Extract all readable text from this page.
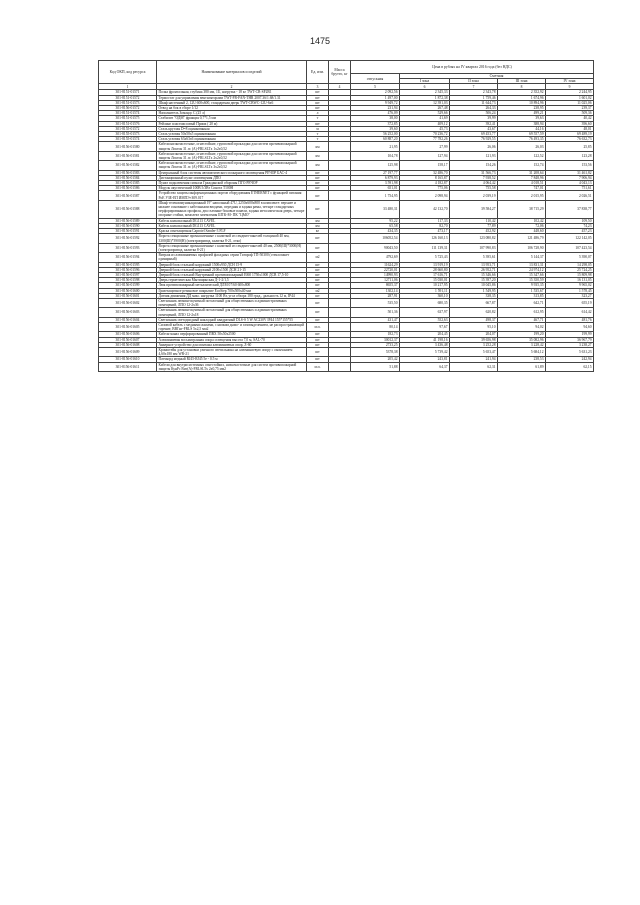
1475
Код ОКП, код ресурса	Наименование материалов и изделий	Ед. изм.	Масса брутто, кг	Цена в рублях на IV квартал 2016 года (без НДС)				
				отпускная	Сметная			
					I зона	II зона	III зона	IV зона
1	2	3	4	5	6	7	8	9
301-8151-01571	Полка фронтальная, глубина 380 мм, 1U, нагрузка - 18 кг TWT-CB-SF2B1	шт		2 092,56	2 345,33	2 343,78	2 352,92	2 244,95
301-8151-01572	Термостат для управления вентиляторами TWT-FB-FAN-THR 2007.36/1.68/1.31	шт		1 497,00	1 872,38	1 759,46	1 674,96	1 601,02
301-8151-01573	Шкаф настенный 2, 12U 600х600, стандартная дверь TWT-CBWC-12U-6x6	шт		9 949,72	12 391,03	11 644,73	10 894,96	11 025,06
301-8156-01572	Отвод на бок в сборе 1/12	шт		231,94	267,48	264,33	238,95	239,37
301-8151-01574	Наполнитель Зомандс С (25 л)	л		476,09	529,66	506,24	499,21	509,36
301-8151-01575	Стабилит "ОДМ" фракция 0,7*1,5 мм	т		38,00	41,69	39,99	39,63	40,42
301-8151-01576	Рейлинг пластмассовый Прима ( 20 м)	шт		372,85	409,12	392,41	388,94	396,60
301-8155-01572	Сталь круглая D=8 оцинкованная	м		39,60	45,73	43,67	44,16	48,01
301-8155-01573	Сталь угловая 50х50х5 оцинкованная	т		56 252,00	70 236,72	69 453,77	69 557,59	69 489,19
301-8155-01574	Сталь угловая 63х63х6 оцинкованная	т		60 887,20	77 782,26	76 929,55	76 493,35	76 632,73
301-8156-01580	Кабели низкочастотные, огнестойкие, групповой прокладки для систем противопожарной защиты Локтон 31 лс (A)-FRLSLTx 1x2x0,52	км		21,95	27,99	26,06	26,03	25,85
301-8156-01581	Кабели низкочастотные, огнестойкие, групповой прокладки для систем противопожарной защиты Локтон 31 лс (A)-FRLSLTx 2x2x0,52	км		104,78	127,94	121,93	122,52	123,28
301-8156-01582	Кабели низкочастотные, огнестойкие, групповой прокладки для систем противопожарной защиты Локтон 31 лс (A)-FRLSLTx 3x2x0,52	км		125,98	158,17	154,26	152,74	153,56
301-8156-01583	Центральный блок системы автоматического пожарного оповещения РЕЧОР БАС-4	шт		27 197,77	32 486,70	31 566,73	31 208,64	31 461,82
301-8156-01584	Дистанционный пульт оповещения ДПО	шт		6 879,93	8 165,87	7 938,52	7 848,96	7 906,94
301-8156-01585	Пункт подключения сигнала Гражданской обороны ПГО РЕЧОР	шт		3 591,98	4 182,87	4 064,42	4 018,51	4 043,13
301-8156-01586	Модуль акустический 100В 5/3Вт Сонота Т100Н	шт		651,01	775,06	755,58	747,01	751,61
301-8156-01587	Устройство защиты информационных портов оборудования ETHERNET с функцией питания PoE УЗЕ-ЕП ИМПЭ+З09.017	шт		1 754,95	2 098,94	2 039,19	2 015,95	2 026,51
301-8156-01588	Шкаф телекоммуникационный 19" напольный 47U, 2250х600х800 в комплекте: верхнее и нижнее основание с кабельными вводами, передняя и задняя рамы, четыре стандартных перфорированных профиля, два съемные боковые панели, задняя металлическая дверь, четыре опорные стойки, комплект заземления ШТК-М- ПК "ЦМО"	шт		33 480,31	42 132,70	39 584,27	38 715,29	37 838,77
301-8156-01589	Кабель коаксиальный DG113 CAVEL	км		95,22	117,33	110,42	102,42	109,50
301-8156-01590	Кабель коаксиальный DG113 CAVEL	км		65,58	82,70	77,89	72,06	74,23
301-8156-01591	Краска огнезащитная Caprotel Sander-3 FLF	кг		434,35	473,17	452,92	448,60	457,23
301-8156-01592	Ворота секционные промышленные с калиткой из сендвич-панелей толщиной 40 мм, 3300(Ш)*3900(Н) (электропривод, калитка 8-21, отко)	шт		106052,54	126 160,13	123 080,82	121 486,79	122 142,05
301-8156-01593	Ворота секционные промышленные с калиткой из сендвич-панелей 40 мм, 2500(Ш)*3000(Н) (электропривод, калитка 8-21)	шт		90043,50	111 139,31	107 990,83	106 728,90	107 423,54
301-8156-01594	Витраж из алюминиевых профилей фасадных серии Татпроф ТП-50300 (стеклопакет одинарный)	м2		4792,69	5 725,43	5 395,61	5 144,37	5 390,07
301-8156-01595	Дверной блок стальной наружный 1500х930 ДСН 15-9	шт		11624,29	13 919,19	13 953,71	13 831,31	14 298,05
301-8156-01596	Дверной блок стальной наружный 2100х1500 ДСН 21-15	шт		22720,01	28 660,80	26 952,71	24 974,12	25 724,25
301-8156-01597	Дверной блок стальной Внутренний противопожарный EI60 1750х1000 ДСВ 17,5-10	шт		14990,93	17 616,71	15 346,66	15 347,66	15 809,98
301-8156-01598	Дверь герметическая Мытищинская Д-1-2/1,5	шт		12711,06	15 030,01	15 397,20	15 350,59	16 131,05
301-8156-01599	Люк противопожарный металлический ДЛМ 07/60 600х800	шт		8655,37	10 217,95	10 045,86	9 935,35	9 965,02
301-8156-01600	Грязезащитное резиновое покрытие EcoStep 700х500х40 мм	м2		1302,14	1 591,11	1 549,95	1 535,67	1 578,45
301-8156-01601	Датчик движения ДД макс. нагрузка 1100 Вт, угол обзора 180 град., дальность 12 м, IP44	шт		287,91	360,10	338,35	313,85	323,27
301-8156-01602	Светильник люминесцентный потолочный для общественных и административных помещений, ЛПО 12-2х36	шт		535,50	680,35	667,87	642,71	655,19
301-8156-01603	Светильник люминесцентный потолочный для общественных и административных помещений, ЛПО 12-2х18	шт		501,36	637,97	620,82	612,95	614,42
301-8156-01604	Светильник светодиодный накладной квадратный DLS-S 5 W AC230V IP44 155*155*55	шт		431,47	552,63	498,37	467,71	481,76
301-8156-01605	Силовой кабель с медными жилами, с низким дымо- и газовыделением, не распространяющий горение, ВВГнг-FRLS 5х2,5 мм2	м.п.		80,14	97,67	95,10	94,02	94,60
301-8156-01606	Кабель-канал перфорированный ПВХ 50х50х2500	шт		182,73	204,45	204,07	199,20	199,99
301-8156-01607	Алюминиевая восьмигранная опора освещения высота 7,0 м, SAL-70	шт		30012,37	41 198,16	39 656,98	35 082,96	36 967,79
301-8156-01608	Анкерное устройство для монтажа алюминиевых опор, Z-60	шт		2733,25	3 436,48	3 252,28	3 228,42	3 238,27
301-8156-01609	Кронштейн для установки уличного светильника на алюминиевую опору с окончанием 4,60х180 мм WR-21	шт		5378,38	5 739,42	5 653,47	5 684,12	5 631,23
301-8156-01610	Патчкорд медный RJ45-RJ45 5е - 0.5 м	шт		205,42	243,81	241,94	238,53	242,94
301-8156-01611	Кабели для внутрисистемных огнестойких, низкочастотные для систем противопожарной защиты КунРс Вит(А)-FRLSLTx 2х0,75 мм2	м.п.		51,88	64,37	62,31	61,89	62,15
